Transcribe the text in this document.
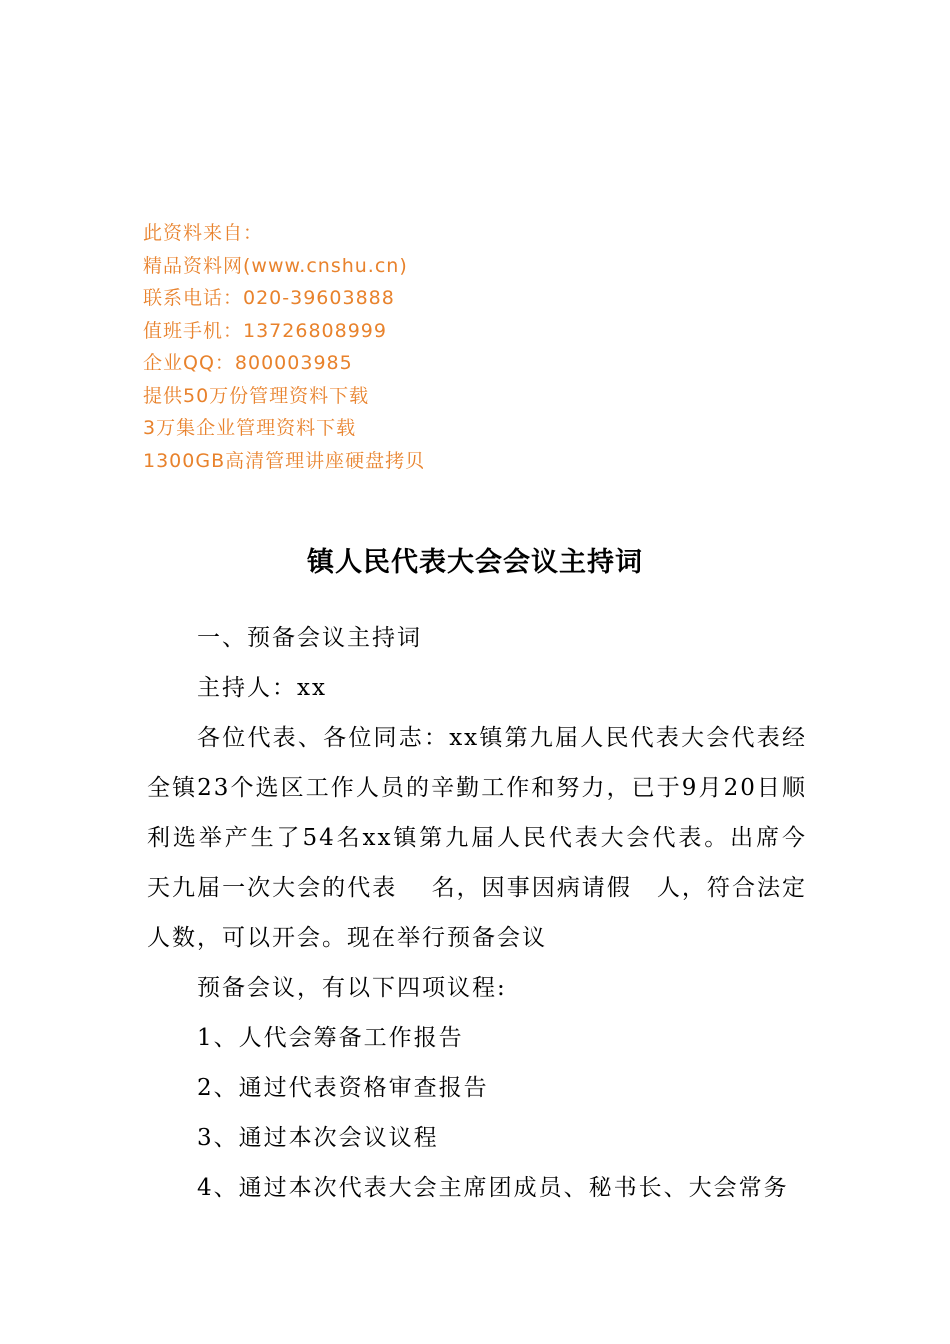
此资料来自：
精品资料网(www.cnshu.cn)
联系电话：020-39603888
值班手机：13726808999
企业QQ：800003985
提供50万份管理资料下载
3万集企业管理资料下载
1300GB高清管理讲座硬盘拷贝
镇人民代表大会会议主持词

一、预备会议主持词

主持人：xx

各位代表、各位同志：xx镇第九届人民代表大会代表经全镇23个选区工作人员的辛勤工作和努力，已于9月20日顺利选举产生了54名xx镇第九届人民代表大会代表。出席今天九届一次大会的代表　 名，因事因病请假　人，符合法定人数，可以开会。现在举行预备会议

预备会议，有以下四项议程:

1、人代会筹备工作报告

2、通过代表资格审查报告

3、通过本次会议议程

4、通过本次代表大会主席团成员、秘书长、大会常务
